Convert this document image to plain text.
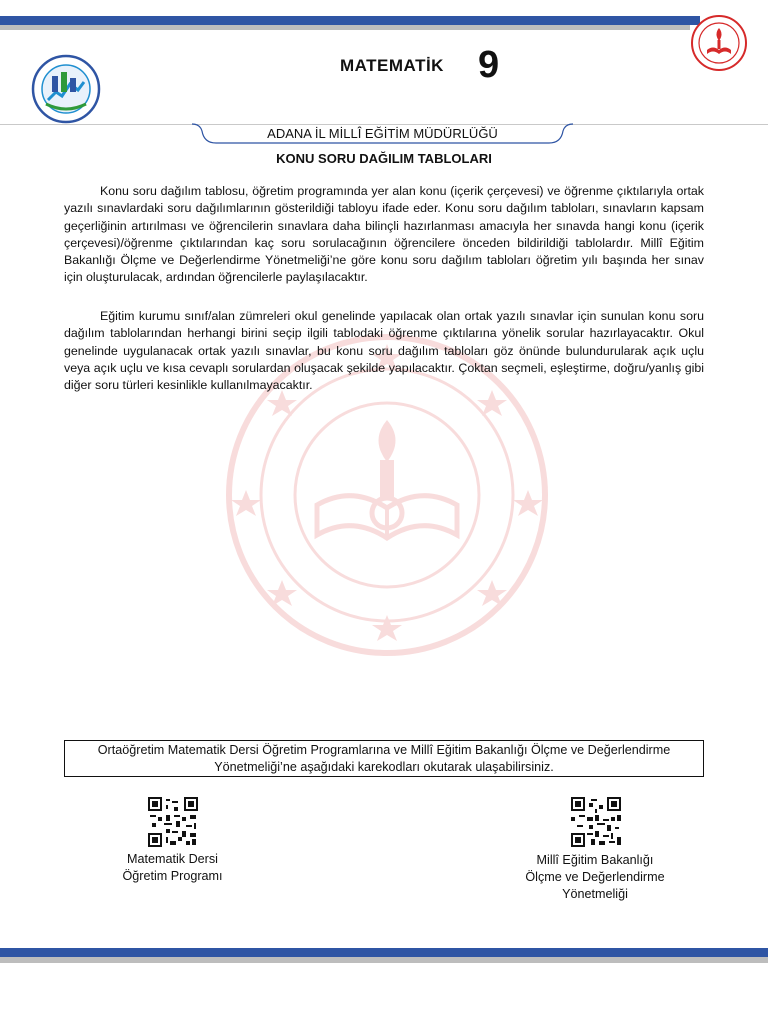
MATEMATİK 9
ADANA İL MİLLÎ EĞİTİM MÜDÜRLÜĞÜ
KONU SORU DAĞILIM TABLOLARI

Konu soru dağılım tablosu, öğretim programında yer alan konu (içerik çerçevesi) ve öğrenme çıktılarıyla ortak yazılı sınavlardaki soru dağılımlarının gösterildiği tabloyu ifade eder. Konu soru dağılım tabloları, sınavların kapsam geçerliğinin artırılması ve öğrencilerin sınavlara daha bilinçli hazırlanması amacıyla her sınavda hangi konu (içerik çerçevesi)/öğrenme çıktılarından kaç soru sorulacağının öğrencilere önceden bildirildiği tablolardır. Millî Eğitim Bakanlığı Ölçme ve Değerlendirme Yönetmeliği’ne göre konu soru dağılım tabloları öğretim yılı başında her sınav için oluşturulacak, ardından öğrencilerle paylaşılacaktır.

Eğitim kurumu sınıf/alan zümreleri okul genelinde yapılacak olan ortak yazılı sınavlar için sunulan konu soru dağılım tablolarından herhangi birini seçip ilgili tablodaki öğrenme çıktılarına yönelik sorular hazırlayacaktır. Okul genelinde uygulanacak ortak yazılı sınavlar, bu konu soru dağılım tabloları göz önünde bulundurularak açık uçlu veya açık uçlu ve kısa cevaplı sorulardan oluşacak şekilde yapılacaktır. Çoktan seçmeli, eşleştirme, doğru/yanlış gibi diğer soru türleri kesinlikle kullanılmayacaktır.

Ortaöğretim Matematik Dersi Öğretim Programlarına ve Millî Eğitim Bakanlığı Ölçme ve Değerlendirme
Yönetmeliği’ne aşağıdaki karekodları okutarak ulaşabilirsiniz.
Matematik Dersi
Öğretim Programı
Millî Eğitim Bakanlığı
Ölçme ve Değerlendirme
Yönetmeliği
